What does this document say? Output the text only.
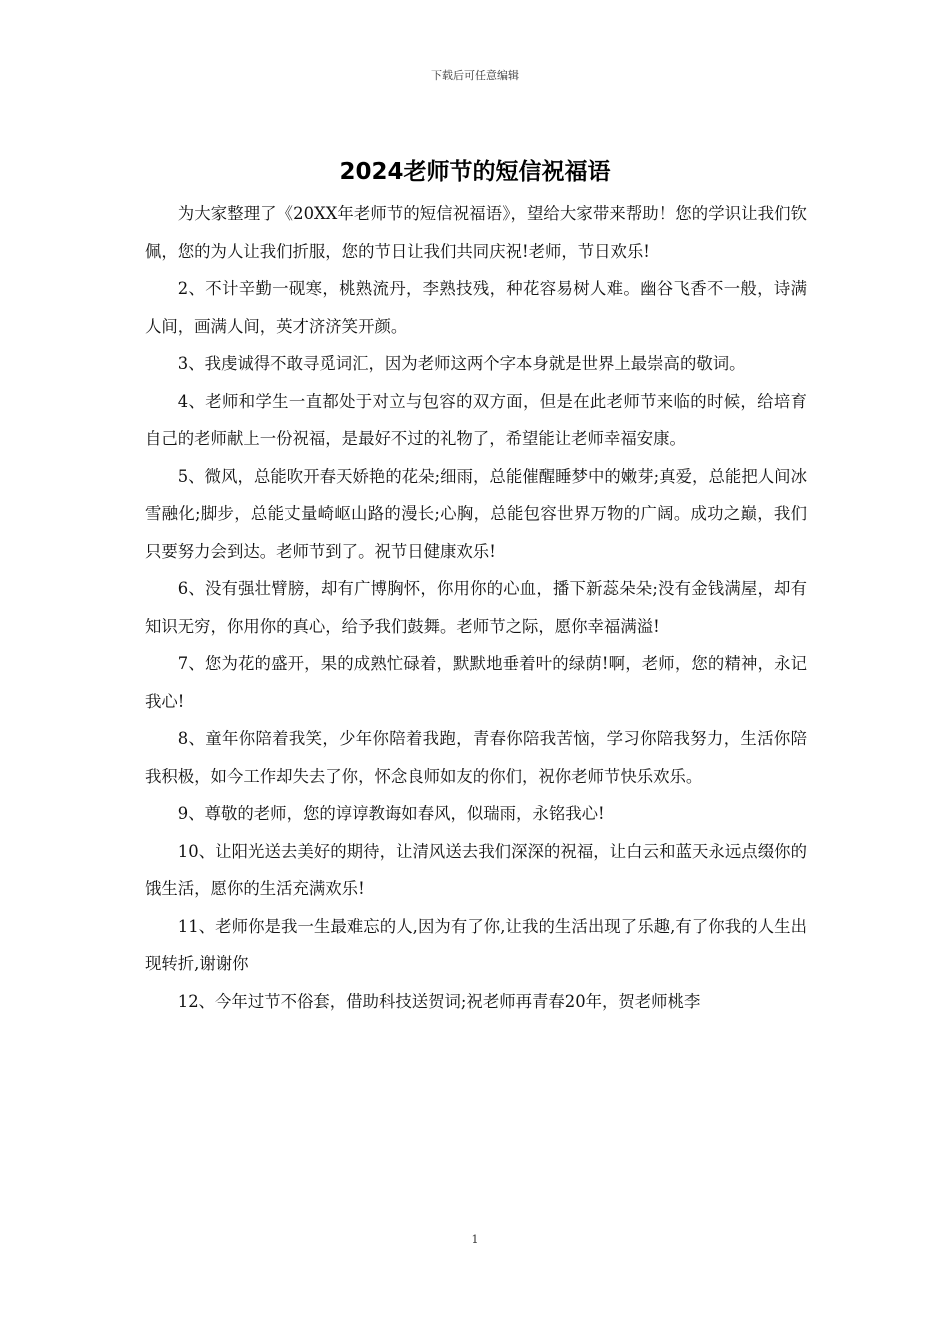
下载后可任意编辑
2024老师节的短信祝福语

为大家整理了《20XX年老师节的短信祝福语》，望给大家带来帮助！您的学识让我们钦佩，您的为人让我们折服，您的节日让我们共同庆祝!老师，节日欢乐!

2、不计辛勤一砚寒，桃熟流丹，李熟技残，种花容易树人难。幽谷飞香不一般，诗满人间，画满人间，英才济济笑开颜。

3、我虔诚得不敢寻觅词汇，因为老师这两个字本身就是世界上最崇高的敬词。

4、老师和学生一直都处于对立与包容的双方面，但是在此老师节来临的时候，给培育自己的老师献上一份祝福，是最好不过的礼物了，希望能让老师幸福安康。

5、微风，总能吹开春天娇艳的花朵;细雨，总能催醒睡梦中的嫩芽;真爱，总能把人间冰雪融化;脚步，总能丈量崎岖山路的漫长;心胸，总能包容世界万物的广阔。成功之巅，我们只要努力会到达。老师节到了。祝节日健康欢乐!

6、没有强壮臂膀，却有广博胸怀，你用你的心血，播下新蕊朵朵;没有金钱满屋，却有知识无穷，你用你的真心，给予我们鼓舞。老师节之际，愿你幸福满溢!

7、您为花的盛开，果的成熟忙碌着，默默地垂着叶的绿荫!啊，老师，您的精神，永记我心!

8、童年你陪着我笑，少年你陪着我跑，青春你陪我苦恼，学习你陪我努力，生活你陪我积极，如今工作却失去了你，怀念良师如友的你们，祝你老师节快乐欢乐。

9、尊敬的老师，您的谆谆教诲如春风，似瑞雨，永铭我心!

10、让阳光送去美好的期待，让清风送去我们深深的祝福，让白云和蓝天永远点缀你的饿生活，愿你的生活充满欢乐!

11、老师你是我一生最难忘的人,因为有了你,让我的生活出现了乐趣,有了你我的人生出现转折,谢谢你

12、今年过节不俗套，借助科技送贺词;祝老师再青春20年，贺老师桃李

1
